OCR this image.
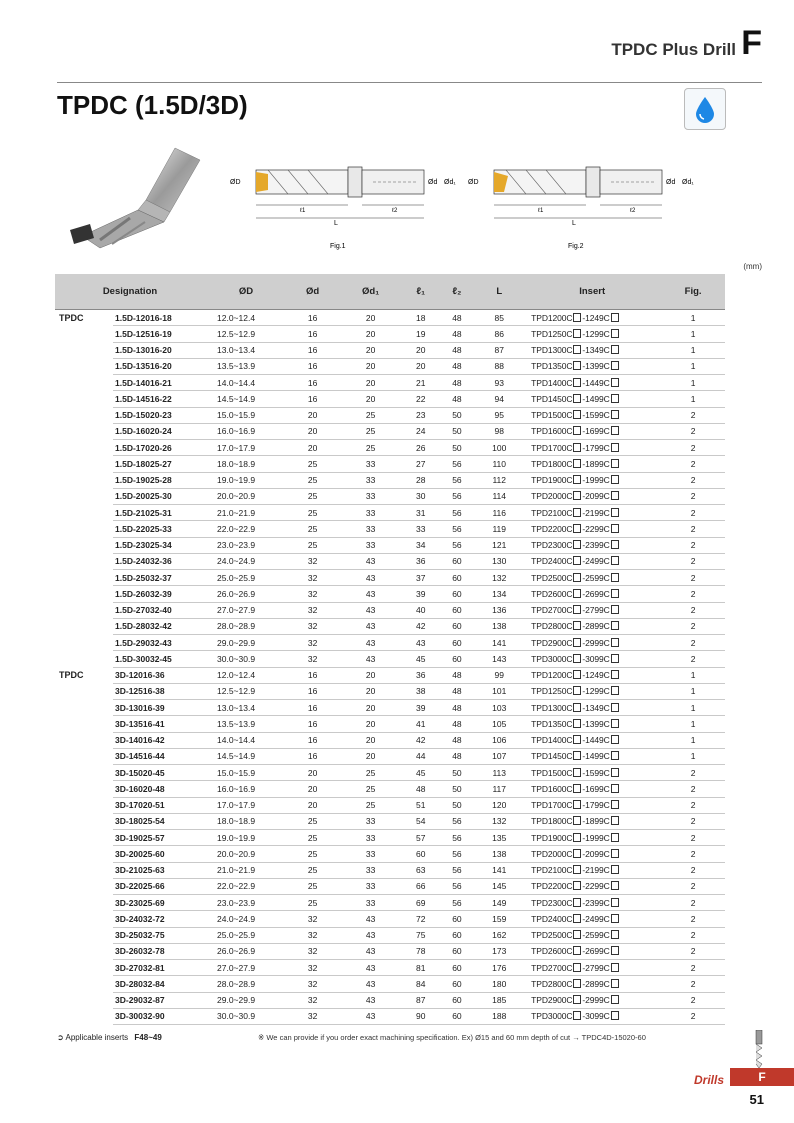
TPDC Plus Drill F
TPDC (1.5D/3D)
ØD	Ød Ød₁
ℓ1	ℓ2
L
Fig.1
ØD	Ød Ød₁
ℓ1	ℓ2
L
Fig.2
(mm)
Designation		ØD	Ød	Ød₁	ℓ₁	ℓ₂	L	Insert	Fig.
TPDC	1.5D-12016-18	12.0~12.4	16	20	18	48	85	TPD1200C -1249C	1
	1.5D-12516-19	12.5~12.9	16	20	19	48	86	TPD1250C -1299C	1
	1.5D-13016-20	13.0~13.4	16	20	20	48	87	TPD1300C -1349C	1
	1.5D-13516-20	13.5~13.9	16	20	20	48	88	TPD1350C -1399C	1
	1.5D-14016-21	14.0~14.4	16	20	21	48	93	TPD1400C -1449C	1
	1.5D-14516-22	14.5~14.9	16	20	22	48	94	TPD1450C -1499C	1
	1.5D-15020-23	15.0~15.9	20	25	23	50	95	TPD1500C -1599C	2
	1.5D-16020-24	16.0~16.9	20	25	24	50	98	TPD1600C -1699C	2
	1.5D-17020-26	17.0~17.9	20	25	26	50	100	TPD1700C -1799C	2
	1.5D-18025-27	18.0~18.9	25	33	27	56	110	TPD1800C -1899C	2
	1.5D-19025-28	19.0~19.9	25	33	28	56	112	TPD1900C -1999C	2
	1.5D-20025-30	20.0~20.9	25	33	30	56	114	TPD2000C -2099C	2
	1.5D-21025-31	21.0~21.9	25	33	31	56	116	TPD2100C -2199C	2
	1.5D-22025-33	22.0~22.9	25	33	33	56	119	TPD2200C -2299C	2
	1.5D-23025-34	23.0~23.9	25	33	34	56	121	TPD2300C -2399C	2
	1.5D-24032-36	24.0~24.9	32	43	36	60	130	TPD2400C -2499C	2
	1.5D-25032-37	25.0~25.9	32	43	37	60	132	TPD2500C -2599C	2
	1.5D-26032-39	26.0~26.9	32	43	39	60	134	TPD2600C -2699C	2
	1.5D-27032-40	27.0~27.9	32	43	40	60	136	TPD2700C -2799C	2
	1.5D-28032-42	28.0~28.9	32	43	42	60	138	TPD2800C -2899C	2
	1.5D-29032-43	29.0~29.9	32	43	43	60	141	TPD2900C -2999C	2
	1.5D-30032-45	30.0~30.9	32	43	45	60	143	TPD3000C -3099C	2
TPDC	3D-12016-36	12.0~12.4	16	20	36	48	99	TPD1200C -1249C	1
	3D-12516-38	12.5~12.9	16	20	38	48	101	TPD1250C -1299C	1
	3D-13016-39	13.0~13.4	16	20	39	48	103	TPD1300C -1349C	1
	3D-13516-41	13.5~13.9	16	20	41	48	105	TPD1350C -1399C	1
	3D-14016-42	14.0~14.4	16	20	42	48	106	TPD1400C -1449C	1
	3D-14516-44	14.5~14.9	16	20	44	48	107	TPD1450C -1499C	1
	3D-15020-45	15.0~15.9	20	25	45	50	113	TPD1500C -1599C	2
	3D-16020-48	16.0~16.9	20	25	48	50	117	TPD1600C -1699C	2
	3D-17020-51	17.0~17.9	20	25	51	50	120	TPD1700C -1799C	2
	3D-18025-54	18.0~18.9	25	33	54	56	132	TPD1800C -1899C	2
	3D-19025-57	19.0~19.9	25	33	57	56	135	TPD1900C -1999C	2
	3D-20025-60	20.0~20.9	25	33	60	56	138	TPD2000C -2099C	2
	3D-21025-63	21.0~21.9	25	33	63	56	141	TPD2100C -2199C	2
	3D-22025-66	22.0~22.9	25	33	66	56	145	TPD2200C -2299C	2
	3D-23025-69	23.0~23.9	25	33	69	56	149	TPD2300C -2399C	2
	3D-24032-72	24.0~24.9	32	43	72	60	159	TPD2400C -2499C	2
	3D-25032-75	25.0~25.9	32	43	75	60	162	TPD2500C -2599C	2
	3D-26032-78	26.0~26.9	32	43	78	60	173	TPD2600C -2699C	2
	3D-27032-81	27.0~27.9	32	43	81	60	176	TPD2700C -2799C	2
	3D-28032-84	28.0~28.9	32	43	84	60	180	TPD2800C -2899C	2
	3D-29032-87	29.0~29.9	32	43	87	60	185	TPD2900C -2999C	2
	3D-30032-90	30.0~30.9	32	43	90	60	188	TPD3000C -3099C	2
➲ Applicable inserts F48~49	※ We can provide if you order exact machining specification. Ex) Ø15 and 60 mm depth of cut → TPDC4D-15020-60
Drills	F
51
